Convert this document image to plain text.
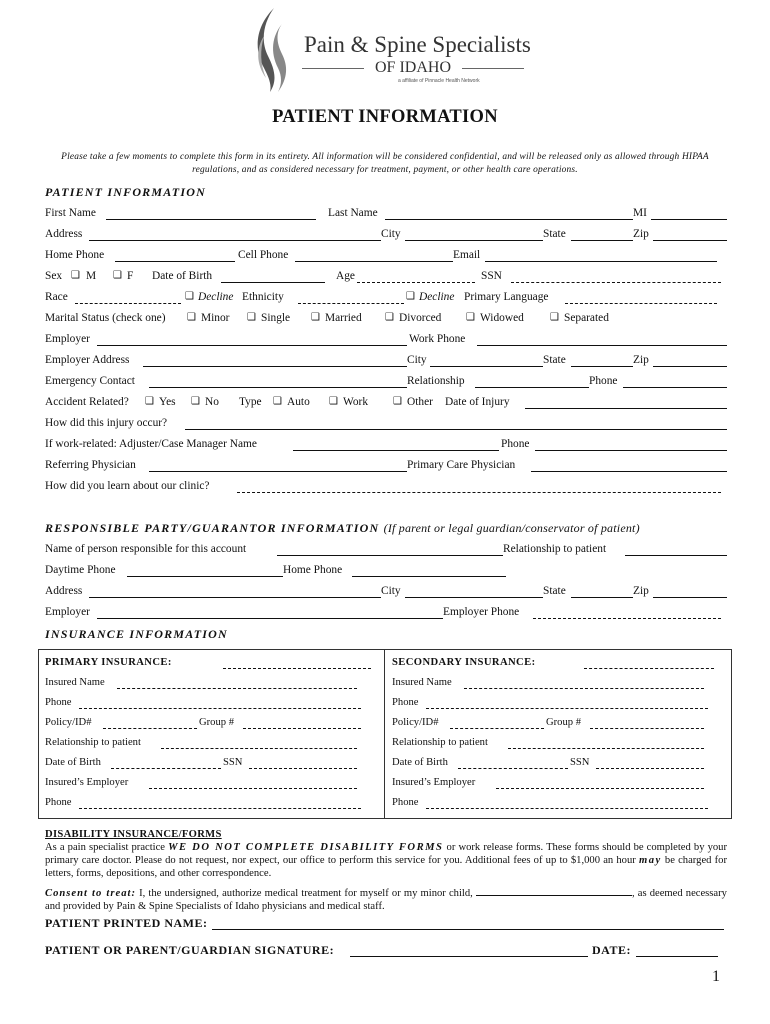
Pain & Spine Specialists
OF IDAHO
a affiliate of Pinnacle Health Network
PATIENT INFORMATION
Please take a few moments to complete this form in its entirety. All information will be considered confidential, and will be released only as allowed through HIPAA regulations, and as considered necessary for treatment, payment, or other health care operations.
PATIENT INFORMATION
First Name	Last Name	MI
Address	City	State	Zip
Home Phone	Cell Phone	Email
Sex ❑ M ❑ F Date of Birth	Age	SSN
Race	❑ Decline Ethnicity	❑ Decline Primary Language
Marital Status (check one) ❑ Minor ❑ Single ❑ Married ❑ Divorced ❑ Widowed	❑ Separated
Employer	Work Phone
Employer Address	City	State	Zip
Emergency Contact	Relationship	Phone
Accident Related? ❑ Yes ❑ No Type ❑ Auto ❑ Work ❑ Other Date of Injury
How did this injury occur?
If work-related: Adjuster/Case Manager Name	Phone
Referring Physician	Primary Care Physician
How did you learn about our clinic?
RESPONSIBLE PARTY/GUARANTOR INFORMATION (If parent or legal guardian/conservator of patient)
Name of person responsible for this account	Relationship to patient
Daytime Phone	Home Phone
Address	City	State	Zip
Employer	Employer Phone
INSURANCE INFORMATION
PRIMARY INSURANCE:
Insured Name
Phone
Policy/ID#	Group #
Relationship to patient
Date of Birth	SSN
Insured’s Employer
Phone
SECONDARY INSURANCE:
Insured Name
Phone
Policy/ID#	Group #
Relationship to patient
Date of Birth	SSN
Insured’s Employer
Phone
DISABILITY INSURANCE/FORMS
As a pain specialist practice WE DO NOT COMPLETE DISABILITY FORMS or work release forms. These forms should be completed by your primary care doctor. Please do not request, nor expect, our office to perform this service for you. Additional fees of up to $1,000 an hour may be charged for letters, forms, depositions, and other correspondence.
Consent to treat: I, the undersigned, authorize medical treatment for myself or my minor child,	, as deemed necessary and provided by Pain & Spine Specialists of Idaho physicians and medical staff.
PATIENT PRINTED NAME:
PATIENT OR PARENT/GUARDIAN SIGNATURE:	DATE:
1
